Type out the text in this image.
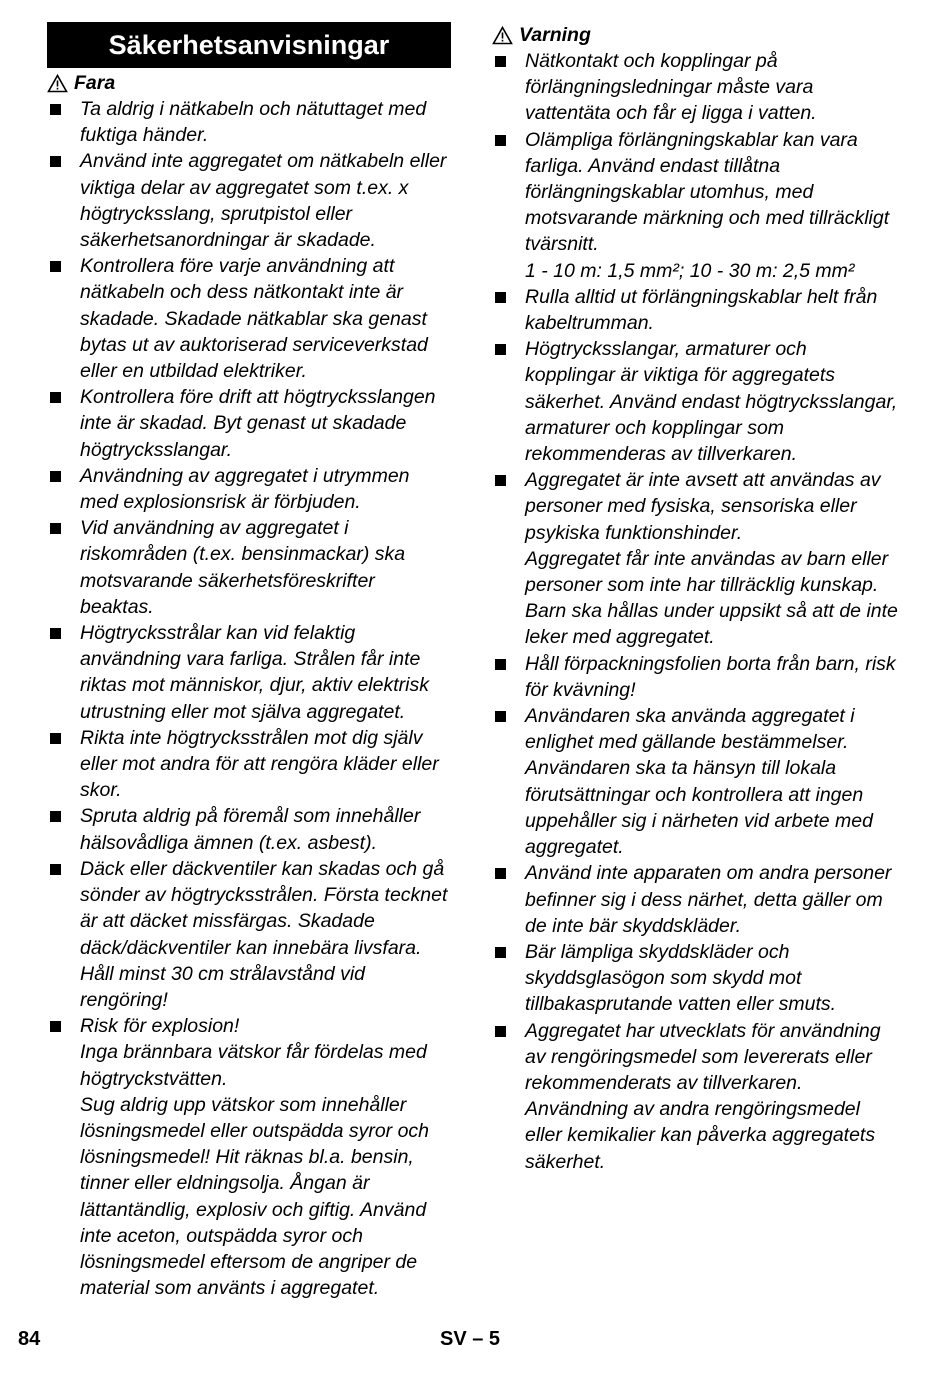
Säkerhetsanvisningar
Fara

Ta aldrig i nätkabeln och nätuttaget med fuktiga händer.

Använd inte aggregatet om nätkabeln eller viktiga delar av aggregatet som t.ex. x högtrycksslang, sprutpistol eller säkerhetsanordningar är skadade.

Kontrollera före varje användning att nätkabeln och dess nätkontakt inte är skadade. Skadade nätkablar ska genast bytas ut av auktoriserad serviceverkstad eller en utbildad elektriker.

Kontrollera före drift att högtrycksslangen inte är skadad. Byt genast ut skadade högtrycksslangar.

Användning av aggregatet i utrymmen med explosionsrisk är förbjuden.

Vid användning av aggregatet i riskområden (t.ex. bensinmackar) ska motsvarande säkerhetsföreskrifter beaktas.

Högtrycksstrålar kan vid felaktig användning vara farliga. Strålen får inte riktas mot människor, djur, aktiv elektrisk utrustning eller mot själva aggregatet.

Rikta inte högtrycksstrålen mot dig själv eller mot andra för att rengöra kläder eller skor.

Spruta aldrig på föremål som innehåller hälsovådliga ämnen (t.ex. asbest).

Däck eller däckventiler kan skadas och gå sönder av högtrycksstrålen. Första tecknet är att däcket missfärgas. Skadade däck/däckventiler kan innebära livsfara. Håll minst 30 cm strålavstånd vid rengöring!

Risk för explosion!

Inga brännbara vätskor får fördelas med högtryckstvätten.

Sug aldrig upp vätskor som innehåller lösningsmedel eller outspädda syror och lösningsmedel! Hit räknas bl.a. bensin, tinner eller eldningsolja. Ångan är lättantändlig, explosiv och giftig. Använd inte aceton, outspädda syror och lösningsmedel eftersom de angriper de material som använts i aggregatet.

Varning

Nätkontakt och kopplingar på förlängningsledningar måste vara vattentäta och får ej ligga i vatten.

Olämpliga förlängningskablar kan vara farliga. Använd endast tillåtna förlängningskablar utomhus, med motsvarande märkning och med tillräckligt tvärsnitt.

1 - 10 m: 1,5 mm²; 10 - 30 m: 2,5 mm²

Rulla alltid ut förlängningskablar helt från kabeltrumman.

Högtrycksslangar, armaturer och kopplingar är viktiga för aggregatets säkerhet. Använd endast högtrycksslangar, armaturer och kopplingar som rekommenderas av tillverkaren.

Aggregatet är inte avsett att användas av personer med fysiska, sensoriska eller psykiska funktionshinder.

Aggregatet får inte användas av barn eller personer som inte har tillräcklig kunskap.

Barn ska hållas under uppsikt så att de inte leker med aggregatet.

Håll förpackningsfolien borta från barn, risk för kvävning!

Användaren ska använda aggregatet i enlighet med gällande bestämmelser. Användaren ska ta hänsyn till lokala förutsättningar och kontrollera att ingen uppehåller sig i närheten vid arbete med aggregatet.

Använd inte apparaten om andra personer befinner sig i dess närhet, detta gäller om de inte bär skyddskläder.

Bär lämpliga skyddskläder och skyddsglasögon som skydd mot tillbakasprutande vatten eller smuts.

Aggregatet har utvecklats för användning av rengöringsmedel som levererats eller rekommenderats av tillverkaren. Användning av andra rengöringsmedel eller kemikalier kan påverka aggregatets säkerhet.

84	SV – 5
